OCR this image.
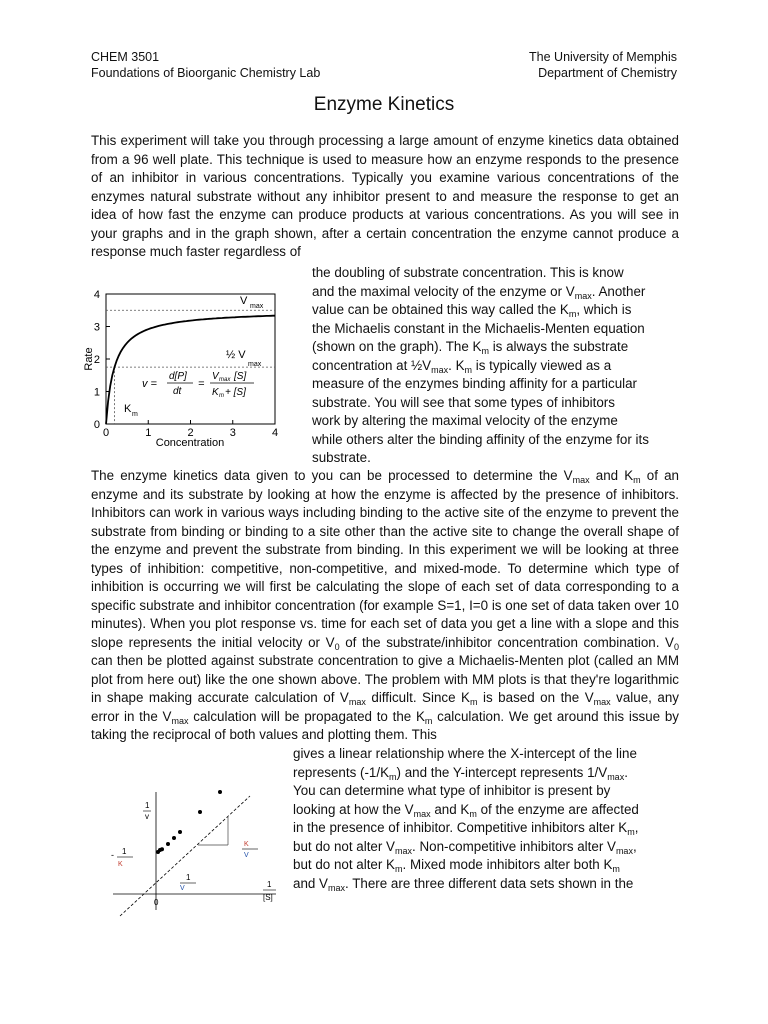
CHEM 3501
Foundations of Bioorganic Chemistry Lab
The University of Memphis
Department of Chemistry
Enzyme Kinetics

This experiment will take you through processing a large amount of enzyme kinetics data obtained from a 96 well plate. This technique is used to measure how an enzyme responds to the presence of an inhibitor in various concentrations. Typically you examine various concentrations of the enzymes natural substrate without any inhibitor present to and measure the response to get an idea of how fast the enzyme can produce products at various concentrations. As you will see in your graphs and in the graph shown, after a certain concentration the enzyme cannot produce a response much faster regardless of

0	1	2	3	4
0
1
2
3
4	V max
½ V
max
K m
v =
d[P]
dt
=
V max [S]
K m + [S]
Concentration
Rate

the doubling of substrate concentration. This is know
and the maximal velocity of the enzyme or $V_{max}$. Another
value can be obtained this way called the $K_m$, which is
the Michaelis constant in the Michaelis-Menten equation
(shown on the graph). The $K_m$ is always the substrate
concentration at $\frac{1}{2}V_{max}$. $K_m$ is typically viewed as a
measure of the enzymes binding affinity for a particular
substrate. You will see that some types of inhibitors
work by altering the maximal velocity of the enzyme
while others alter the binding affinity of the enzyme for its
substrate.

The enzyme kinetics data given to you can be processed to determine the $V_{max}$ and $K_m$ of an enzyme and its substrate by looking at how the enzyme is affected by the presence of inhibitors. Inhibitors can work in various ways including binding to the active site of the enzyme to prevent the substrate from binding or binding to a site other than the active site to change the overall shape of the enzyme and prevent the substrate from binding. In this experiment we will be looking at three types of inhibition: competitive, non-competitive, and mixed-mode. To determine which type of inhibition is occurring we will first be calculating the slope of each set of data corresponding to a specific substrate and inhibitor concentration (for example S=1, I=0 is one set of data taken over 10 minutes). When you plot response vs. time for each set of data you get a line with a slope and this slope represents the initial velocity or $V_0$ of the substrate/inhibitor concentration combination. $V_0$ can then be plotted against substrate concentration to give a Michaelis-Menten plot (called an MM plot from here out) like the one shown above. The problem with MM plots is that they're logarithmic in shape making accurate calculation of $V_{max}$ difficult. Since $K_m$ is based on the $V_{max}$ value, any error in the $V_{max}$ calculation will be propagated to the $K_m$ calculation. We get around this issue by taking the reciprocal of both values and plotting them. This

1
v
1
[S]
1
-
K
1
V
K
V
0

gives a linear relationship where the X-intercept of the line
represents $(-1/K_m)$ and the Y-intercept represents $1/V_{max}$.
You can determine what type of inhibitor is present by
looking at how the $V_{max}$ and $K_m$ of the enzyme are affected
in the presence of inhibitor. Competitive inhibitors alter $K_m$,
but do not alter $V_{max}$. Non-competitive inhibitors alter $V_{max}$,
but do not alter $K_m$. Mixed mode inhibitors alter both $K_m$
and $V_{max}$. There are three different data sets shown in the
